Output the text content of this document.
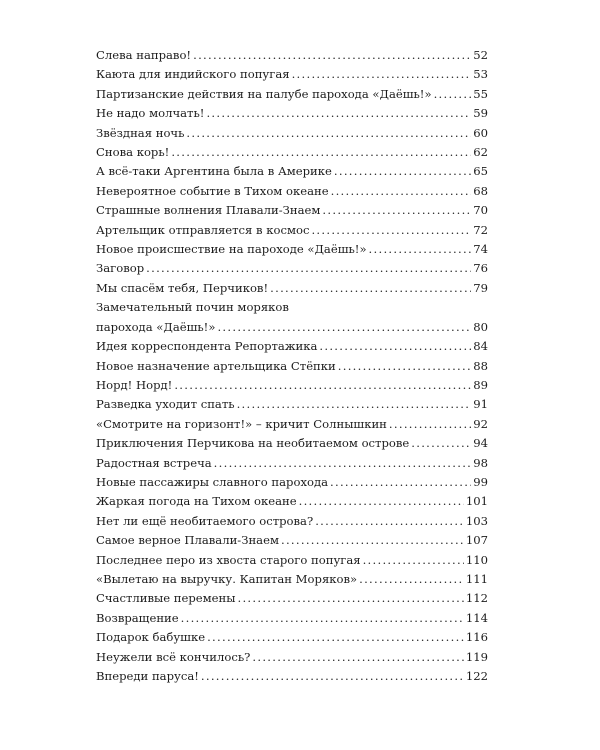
Слева направо! . . .	52
Каюта для индийского попугая . . .	53
Партизанские действия на палубе парохода «Даёшь!» . . .	55
Не надо молчать! . . .	59
Звёздная ночь . . .	60
Снова корь! . . .	62
А всё-таки Аргентина была в Америке . . .	65
Невероятное событие в Тихом океане . . .	68
Страшные волнения Плавали-Знаем . . .	70
Артельщик отправляется в космос . . .	72
Новое происшествие на пароходе «Даёшь!» . . .	74
Заговор . . .	76
Мы спасём тебя, Перчиков! . . .	79
Замечательный почин моряков
парохода «Даёшь!» . . .	80
Идея корреспондента Репортажика . . .	84
Новое назначение артельщика Стёпки . . .	88
Норд! Норд! . . .	89
Разведка уходит спать . . .	91
«Смотрите на горизонт!» – кричит Солнышкин . . .	92
Приключения Перчикова на необитаемом острове . . .	94
Радостная встреча . . .	98
Новые пассажиры славного парохода . . .	99
Жаркая погода на Тихом океане . . .	101
Нет ли ещё необитаемого острова? . . .	103
Самое верное Плавали-Знаем . . .	107
Последнее перо из хвоста старого попугая . . .	110
«Вылетаю на выручку. Капитан Моряков» . . .	111
Счастливые перемены . . .	112
Возвращение . . .	114
Подарок бабушке . . .	116
Неужели всё кончилось? . . .	119
Впереди паруса! . . .	122
